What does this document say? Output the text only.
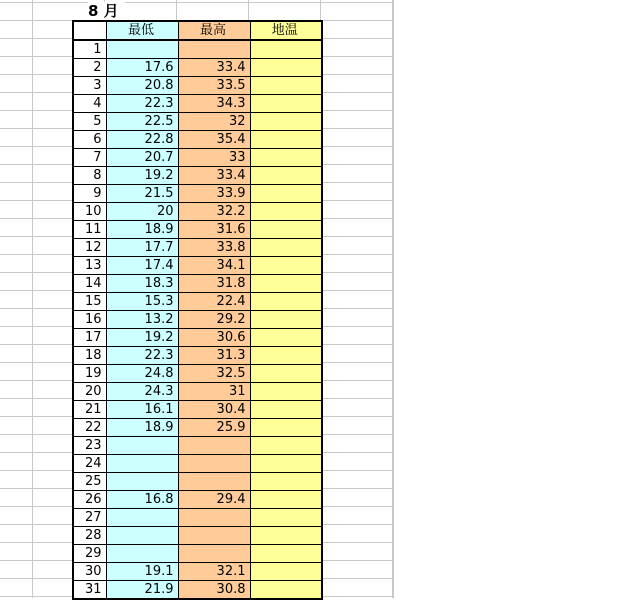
8 月
	最低	最高	地温
1			
2	17.6	33.4	
3	20.8	33.5	
4	22.3	34.3	
5	22.5	32	
6	22.8	35.4	
7	20.7	33	
8	19.2	33.4	
9	21.5	33.9	
10	20	32.2	
11	18.9	31.6	
12	17.7	33.8	
13	17.4	34.1	
14	18.3	31.8	
15	15.3	22.4	
16	13.2	29.2	
17	19.2	30.6	
18	22.3	31.3	
19	24.8	32.5	
20	24.3	31	
21	16.1	30.4	
22	18.9	25.9	
23			
24			
25			
26	16.8	29.4	
27			
28			
29			
30	19.1	32.1	
31	21.9	30.8	
